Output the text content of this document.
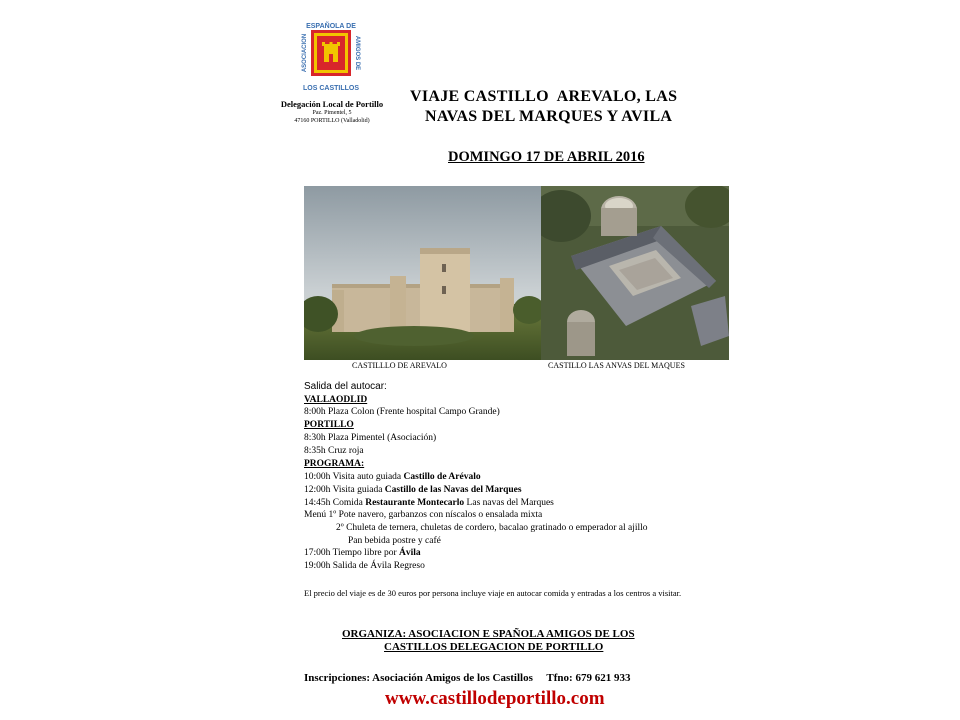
ESPAÑOLA DE
ASOCIACION	AMIGOS DE
LOS CASTILLOS
Delegación Local de Portillo
Paz. Pimentel, 5
47160 PORTILLO (Valladolid)
VIAJE CASTILLO  AREVALO, LAS
NAVAS DEL MARQUES Y AVILA
DOMINGO 17 DE ABRIL 2016
CASTILLLO DE AREVALO	CASTILLO LAS ANVAS DEL MAQUES
Salida del autocar:
VALLAODLID
8:00h Plaza Colon (Frente hospital Campo Grande)
PORTILLO
8:30h Plaza Pimentel (Asociación)
8:35h Cruz roja
PROGRAMA:
10:00h Visita auto guiada Castillo de Arévalo
12:00h Visita guiada Castillo de las Navas del Marques
14:45h Comida Restaurante Montecarlo Las navas del Marques
Menú 1º Pote navero, garbanzos con níscalos o ensalada mixta
2º Chuleta de ternera, chuletas de cordero, bacalao gratinado o emperador al ajillo
Pan bebida postre y café
17:00h Tiempo libre por Ávila
19:00h Salida de Ávila Regreso
El precio del viaje es de 30 euros por persona incluye viaje en autocar comida y entradas a los centros a visitar.
ORGANIZA: ASOCIACION E SPAÑOLA AMIGOS DE LOS
CASTILLOS DELEGACION DE PORTILLO
Inscripciones: Asociación Amigos de los Castillos     Tfno: 679 621 933
www.castillodeportillo.com
